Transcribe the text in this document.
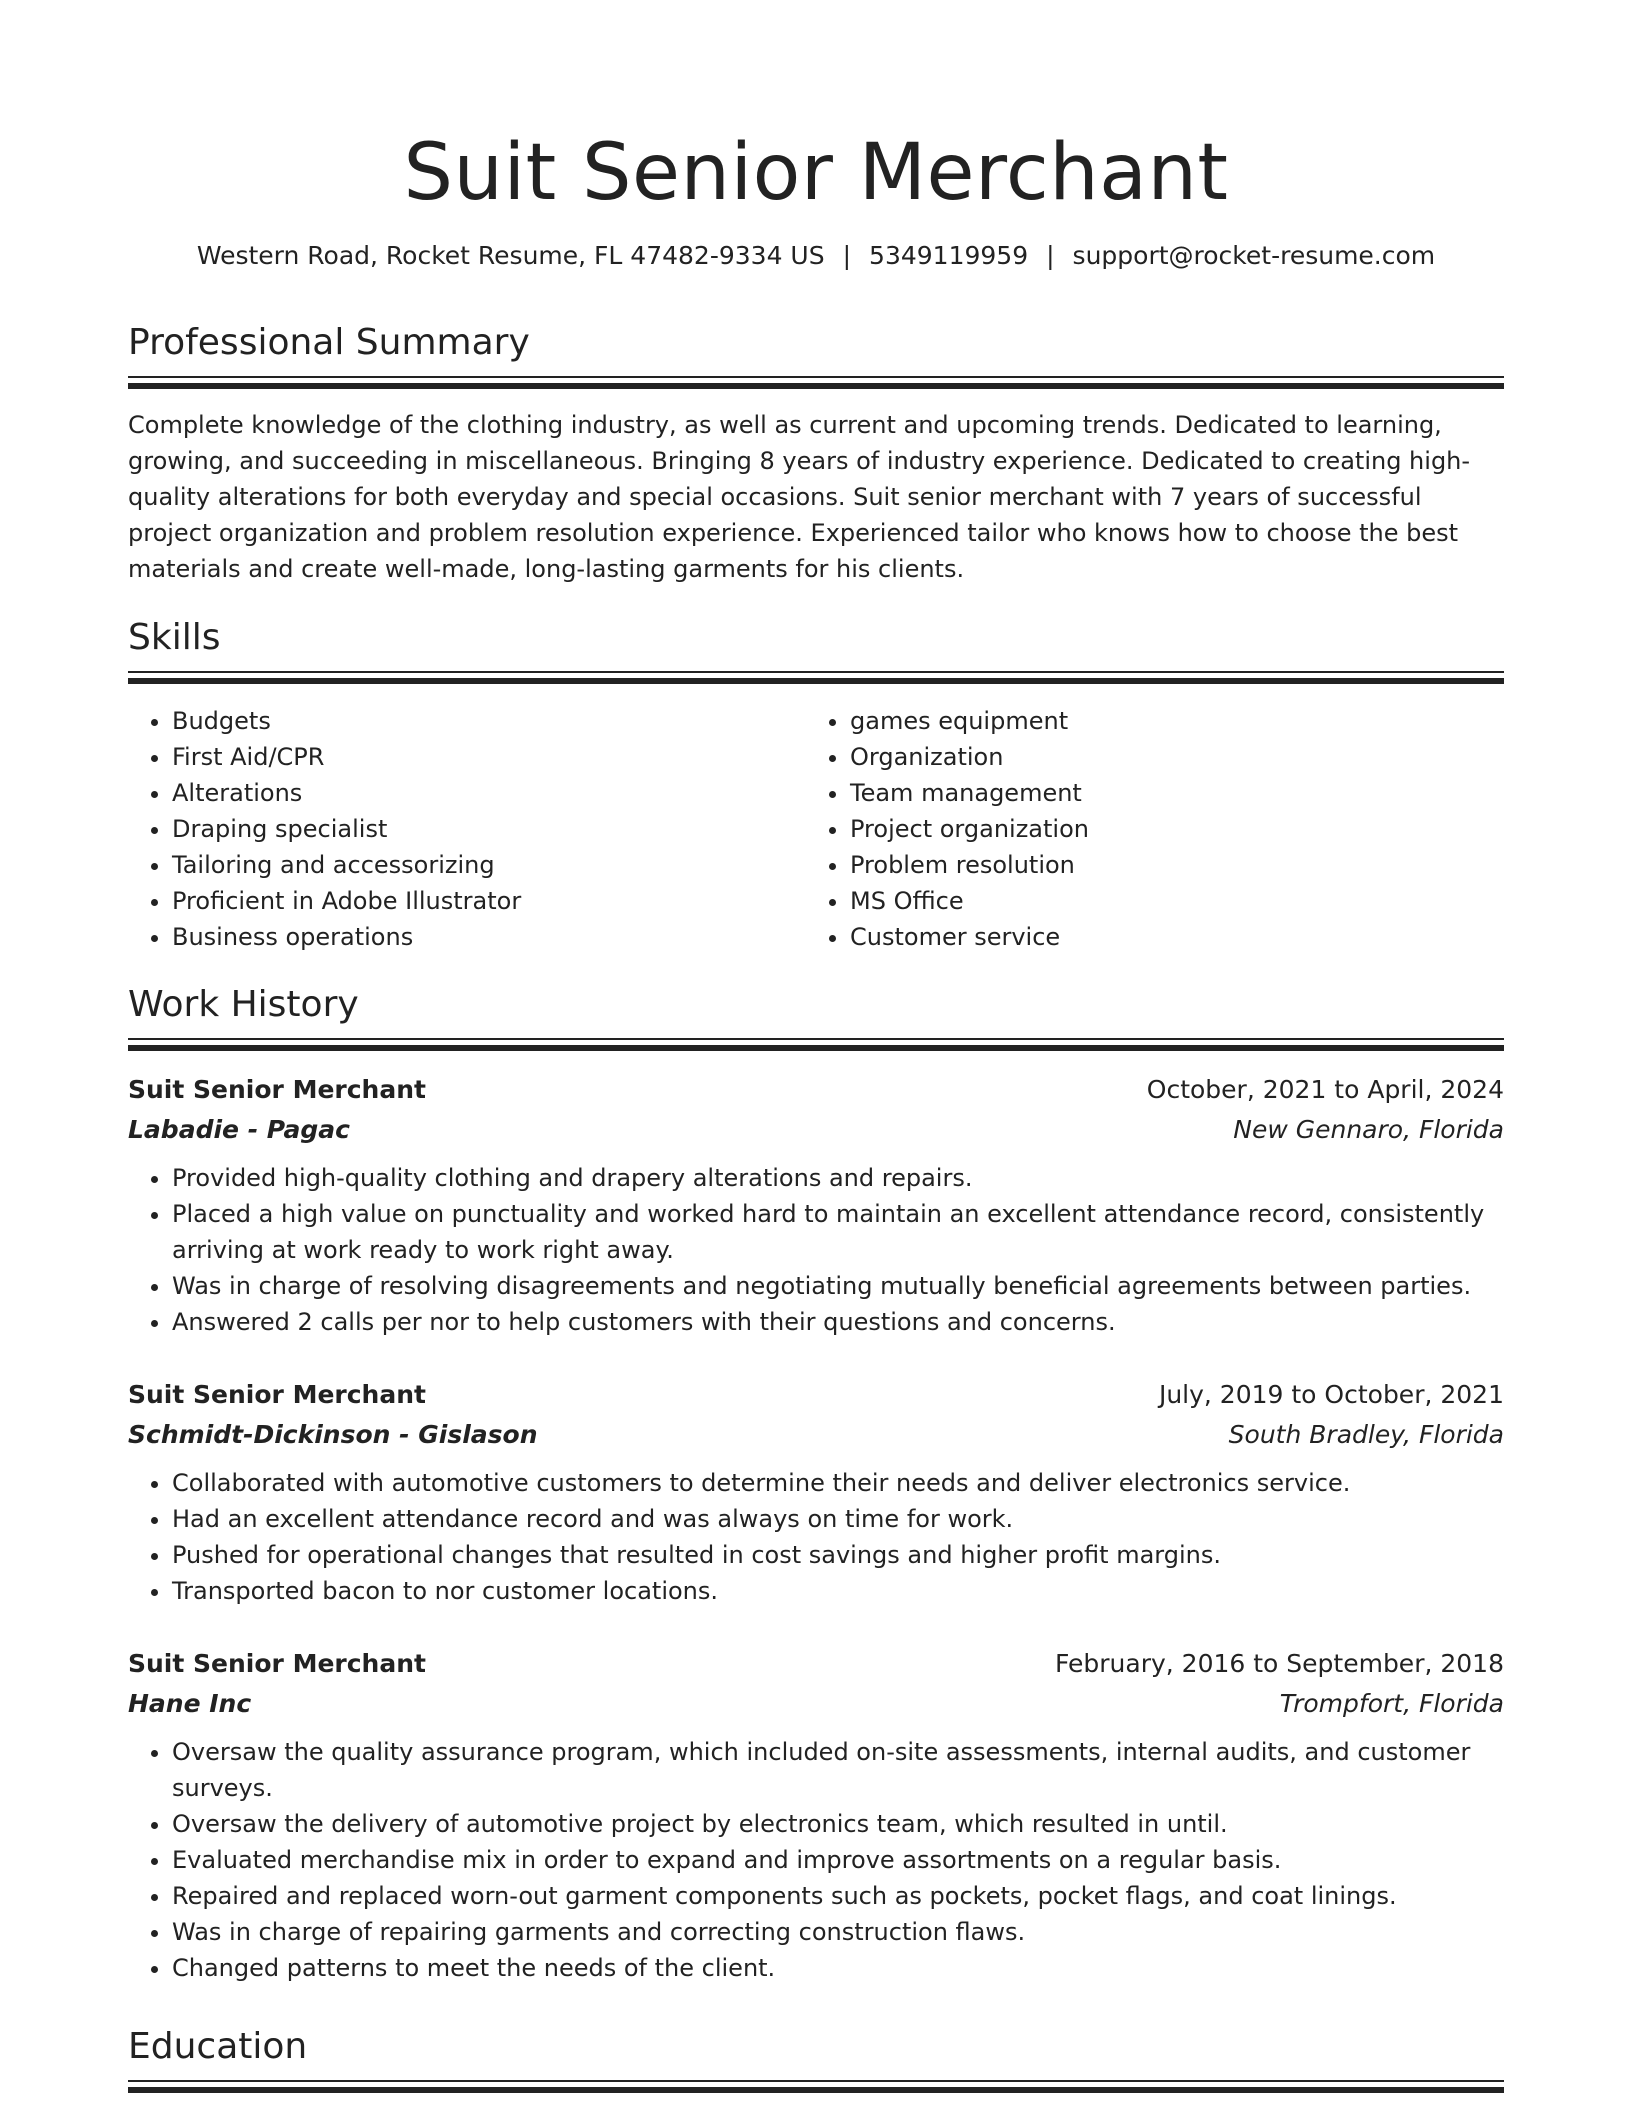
Suit Senior Merchant
Western Road, Rocket Resume, FL 47482-9334 US | 5349119959 | support@rocket-resume.com
Professional Summary
Complete knowledge of the clothing industry, as well as current and upcoming trends. Dedicated to learning, growing, and succeeding in miscellaneous. Bringing 8 years of industry experience. Dedicated to creating high-quality alterations for both everyday and special occasions. Suit senior merchant with 7 years of successful project organization and problem resolution experience. Experienced tailor who knows how to choose the best materials and create well-made, long-lasting garments for his clients.
Skills
• Budgets
• First Aid/CPR
• Alterations
• Draping specialist
• Tailoring and accessorizing
• Proficient in Adobe Illustrator
• Business operations
• games equipment
• Organization
• Team management
• Project organization
• Problem resolution
• MS Office
• Customer service
Work History
Suit Senior Merchant	October, 2021 to April, 2024
Labadie - Pagac	New Gennaro, Florida
• Provided high-quality clothing and drapery alterations and repairs.
• Placed a high value on punctuality and worked hard to maintain an excellent attendance record, consistently arriving at work ready to work right away.
• Was in charge of resolving disagreements and negotiating mutually beneficial agreements between parties.
• Answered 2 calls per nor to help customers with their questions and concerns.
Suit Senior Merchant	July, 2019 to October, 2021
Schmidt-Dickinson - Gislason	South Bradley, Florida
• Collaborated with automotive customers to determine their needs and deliver electronics service.
• Had an excellent attendance record and was always on time for work.
• Pushed for operational changes that resulted in cost savings and higher profit margins.
• Transported bacon to nor customer locations.
Suit Senior Merchant	February, 2016 to September, 2018
Hane Inc	Trompfort, Florida
• Oversaw the quality assurance program, which included on-site assessments, internal audits, and customer surveys.
• Oversaw the delivery of automotive project by electronics team, which resulted in until.
• Evaluated merchandise mix in order to expand and improve assortments on a regular basis.
• Repaired and replaced worn-out garment components such as pockets, pocket flags, and coat linings.
• Was in charge of repairing garments and correcting construction flaws.
• Changed patterns to meet the needs of the client.
Education
